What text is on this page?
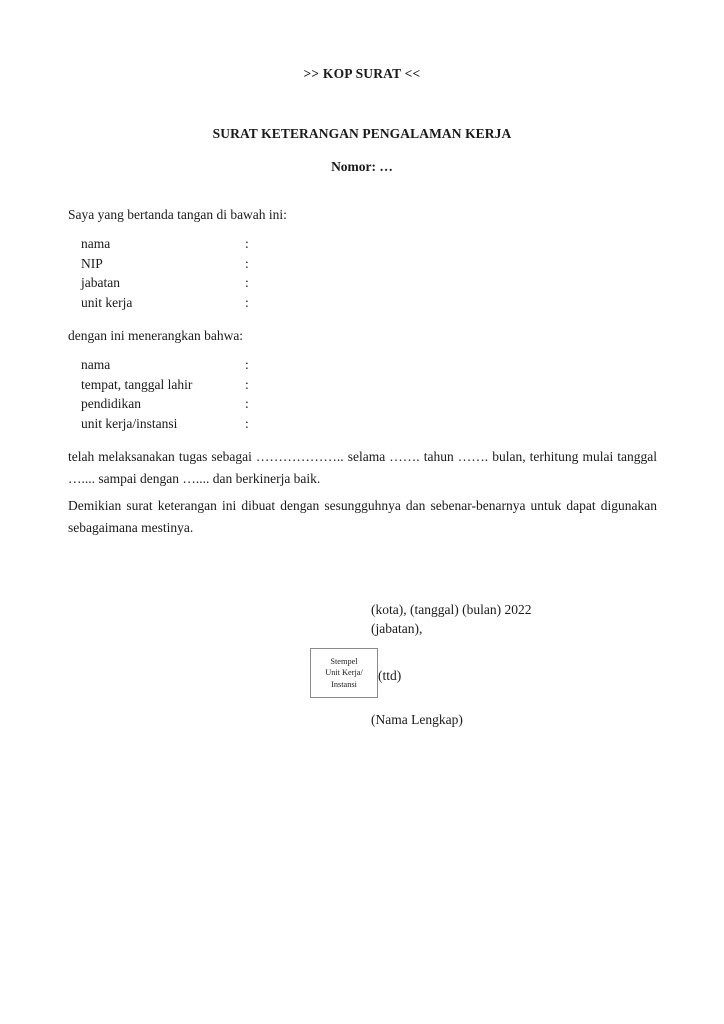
>> KOP SURAT <<
SURAT KETERANGAN PENGALAMAN KERJA
Nomor: …
Saya yang bertanda tangan di bawah ini:
nama	:	
NIP	:	
jabatan	:	
unit kerja	:	
dengan ini menerangkan bahwa:
nama	:	
tempat, tanggal lahir	:	
pendidikan	:	
unit kerja/instansi	:	
telah melaksanakan tugas sebagai ……………….. selama ……. tahun ……. bulan, terhitung mulai tanggal ….... sampai dengan ….... dan berkinerja baik.
Demikian surat keterangan ini dibuat dengan sesungguhnya dan sebenar-benarnya untuk dapat digunakan sebagaimana mestinya.
(kota), (tanggal) (bulan) 2022
(jabatan),
Stempel
Unit Kerja/
Instansi
(ttd)
(Nama Lengkap)
